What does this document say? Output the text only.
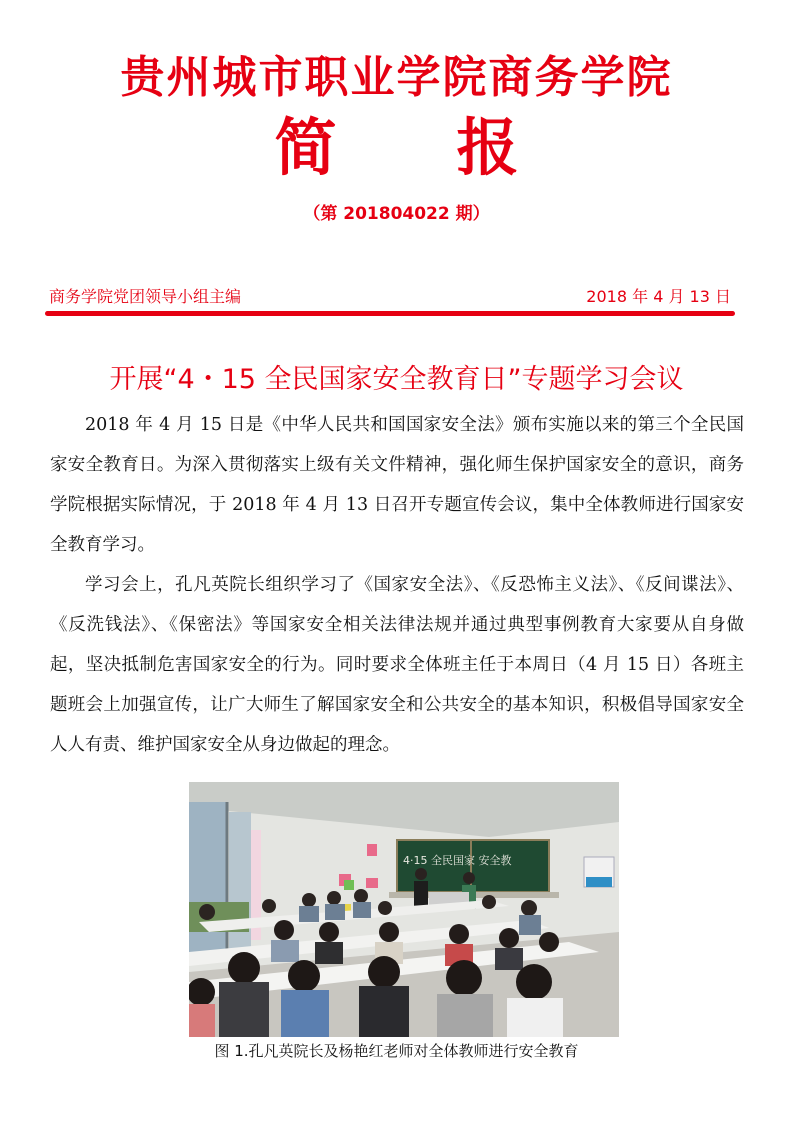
贵州城市职业学院商务学院
简 报
（第 201804022 期）
商务学院党团领导小组主编	2018 年 4 月 13 日
开展“4・15 全民国家安全教育日”专题学习会议

2018 年 4 月 15 日是《中华人民共和国国家安全法》颁布实施以来的第三个全民国家安全教育日。为深入贯彻落实上级有关文件精神，强化师生保护国家安全的意识，商务学院根据实际情况，于 2018 年 4 月 13 日召开专题宣传会议，集中全体教师进行国家安全教育学习。

学习会上，孔凡英院长组织学习了《国家安全法》、《反恐怖主义法》、《反间谍法》、《反洗钱法》、《保密法》等国家安全相关法律法规并通过典型事例教育大家要从自身做起，坚决抵制危害国家安全的行为。同时要求全体班主任于本周日（4 月 15 日）各班主题班会上加强宣传，让广大师生了解国家安全和公共安全的基本知识，积极倡导国家安全人人有责、维护国家安全从身边做起的理念。

4·15 全民国家 安全教
图 1.孔凡英院长及杨艳红老师对全体教师进行安全教育
